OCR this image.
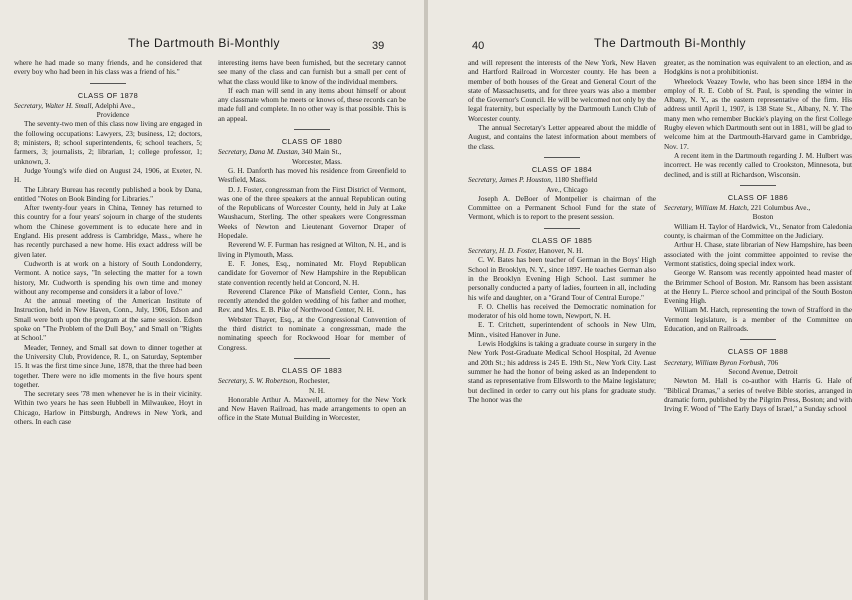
The Dartmouth Bi-Monthly	39

where he had made so many friends, and he considered that every boy who had been in his class was a friend of his."

CLASS OF 1878

Secretary, Walter H. Small, Adelphi Ave.,

Providence

The seventy-two men of this class now living are engaged in the following occupations: Lawyers, 23; business, 12; doctors, 8; ministers, 8; school superintendents, 6; school teachers, 5; farmers, 3; journalists, 2; librarian, 1; college professor, 1; unknown, 3.

Judge Young's wife died on August 24, 1906, at Exeter, N. H.

The Library Bureau has recently published a book by Dana, entitled "Notes on Book Binding for Libraries."

After twenty-four years in China, Tenney has returned to this country for a four years' sojourn in charge of the students whom the Chinese government is to educate here and in England. His present address is Cambridge, Mass., where he has recently purchased a new home. His exact address will be given later.

Cudworth is at work on a history of South Londonderry, Vermont. A notice says, "In selecting the matter for a town history, Mr. Cudworth is spending his own time and money without any recompense and considers it a labor of love."

At the annual meeting of the American Institute of Instruction, held in New Haven, Conn., July, 1906, Edson and Small were both upon the program at the same session. Edson spoke on "The Problem of the Dull Boy," and Small on "Rights at School."

Meader, Tenney, and Small sat down to dinner together at the University Club, Providence, R. I., on Saturday, September 15. It was the first time since June, 1878, that the three had been together. There were no idle moments in the five hours spent together.

The secretary sees '78 men whenever he is in their vicinity. Within two years he has seen Hubbell in Milwaukee, Hoyt in Chicago, Harlow in Pittsburgh, Andrews in New York, and others. In each case

interesting items have been furnished, but the secretary cannot see many of the class and can furnish but a small per cent of what the class would like to know of the individual members.

If each man will send in any items about himself or about any classmate whom he meets or knows of, these records can be made full and complete. In no other way is that possible. This is an appeal.

CLASS OF 1880

Secretary, Dana M. Dustan, 340 Main St.,

Worcester, Mass.

G. H. Danforth has moved his residence from Greenfield to Westfield, Mass.

D. J. Foster, congressman from the First District of Vermont, was one of the three speakers at the annual Republican outing of the Republicans of Worcester County, held in July at Lake Waushacum, Sterling. The other speakers were Congressman Weeks of Newton and Lieutenant Governor Draper of Hopedale.

Reverend W. F. Furman has resigned at Wilton, N. H., and is living in Plymouth, Mass.

E. F. Jones, Esq., nominated Mr. Floyd Republican candidate for Governor of New Hampshire in the Republican state convention recently held at Concord, N. H.

Reverend Clarence Pike of Mansfield Center, Conn., has recently attended the golden wedding of his father and mother, Rev. and Mrs. E. B. Pike of Northwood Center, N. H.

Webster Thayer, Esq., at the Congressional Convention of the third district to nominate a congressman, made the nominating speech for Rockwood Hoar for member of Congress.

CLASS OF 1883

Secretary, S. W. Robertson, Rochester,

N. H.

Honorable Arthur A. Maxwell, attorney for the New York and New Haven Railroad, has made arrangements to open an office in the State Mutual Building in Worcester,

40	The Dartmouth Bi-Monthly

and will represent the interests of the New York, New Haven and Hartford Railroad in Worcester county. He has been a member of both houses of the Great and General Court of the state of Massachusetts, and for three years was also a member of the Governor's Council. He will be welcomed not only by the legal fraternity, but especially by the Dartmouth Lunch Club of Worcester county.

The annual Secretary's Letter appeared about the middle of August, and contains the latest information about members of the class.

CLASS OF 1884

Secretary, James P. Houston, 1180 Sheffield

Ave., Chicago

Joseph A. DeBoer of Montpelier is chairman of the Committee on a Permanent School Fund for the state of Vermont, which is to report to the present session.

CLASS OF 1885

Secretary, H. D. Foster, Hanover, N. H.

C. W. Bates has been teacher of German in the Boys' High School in Brooklyn, N. Y., since 1897. He teaches German also in the Brooklyn Evening High School. Last summer he personally conducted a party of ladies, fourteen in all, including his wife and daughter, on a "Grand Tour of Central Europe."

F. O. Chellis has received the Democratic nomination for moderator of his old home town, Newport, N. H.

E. T. Critchett, superintendent of schools in New Ulm, Minn., visited Hanover in June.

Lewis Hodgkins is taking a graduate course in surgery in the New York Post-Graduate Medical School Hospital, 2d Avenue and 20th St.; his address is 245 E. 19th St., New York City. Last summer he had the honor of being asked as an Independent to stand as representative from Ellsworth to the Maine legislature; but declined in order to carry out his plans for graduate study. The honor was the

greater, as the nomination was equivalent to an election, and as Hodgkins is not a prohibitionist.

Wheelock Veazey Towle, who has been since 1894 in the employ of R. E. Cobb of St. Paul, is spending the winter in Albany, N. Y., as the eastern representative of the firm. His address until April 1, 1907, is 138 State St., Albany, N. Y. The many men who remember Buckie's playing on the first College Rugby eleven which Dartmouth sent out in 1881, will be glad to welcome him at the Dartmouth-Harvard game in Cambridge, Nov. 17.

A recent item in the Dartmouth regarding J. M. Hulbert was incorrect. He was recently called to Crookston, Minnesota, but declined, and is still at Richardson, Wisconsin.

CLASS OF 1886

Secretary, William M. Hatch, 221 Columbus Ave.,

Boston

William H. Taylor of Hardwick, Vt., Senator from Caledonia county, is chairman of the Committee on the Judiciary.

Arthur H. Chase, state librarian of New Hampshire, has been associated with the joint committee appointed to revise the Vermont statistics, doing special index work.

George W. Ransom was recently appointed head master of the Brimmer School of Boston. Mr. Ransom has been assistant at the Henry L. Pierce school and principal of the South Boston Evening High.

William M. Hatch, representing the town of Strafford in the Vermont legislature, is a member of the Committee on Education, and on Railroads.

CLASS OF 1888

Secretary, William Byron Forbush, 706

Second Avenue, Detroit

Newton M. Hall is co-author with Harris G. Hale of "Biblical Dramas," a series of twelve Bible stories, arranged in dramatic form, published by the Pilgrim Press, Boston; and with Irving F. Wood of "The Early Days of Israel," a Sunday school
